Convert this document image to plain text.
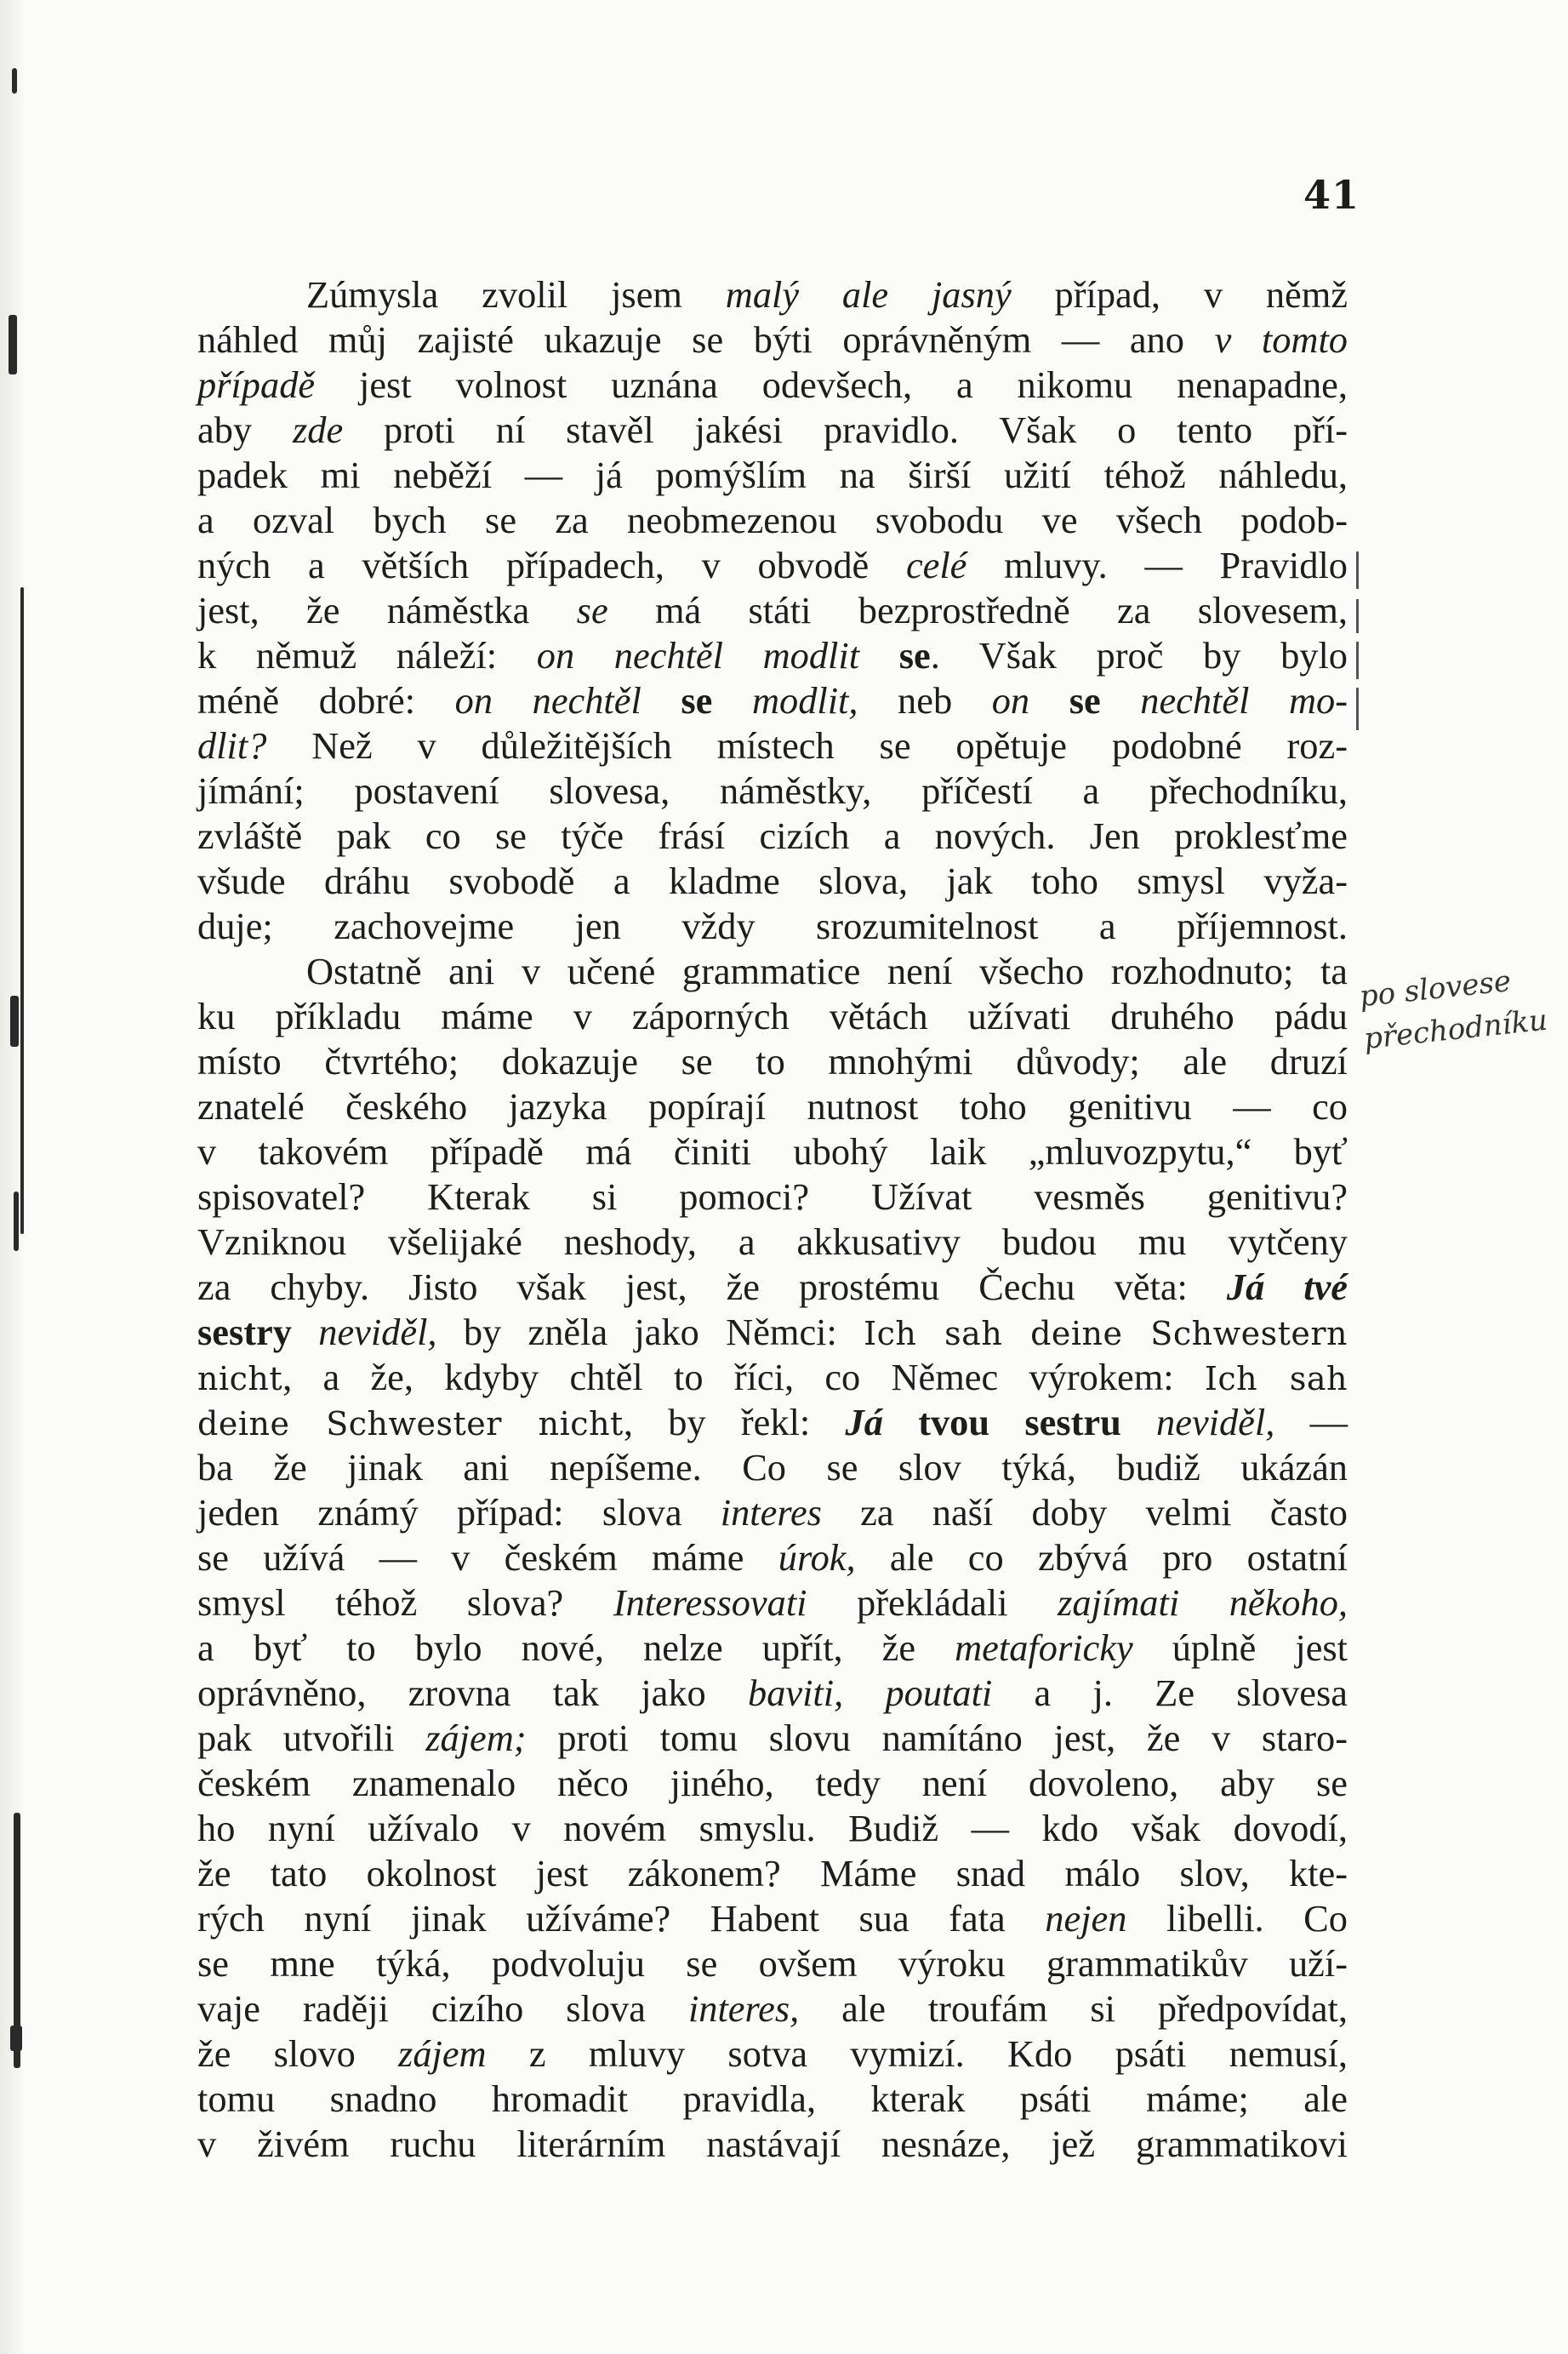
41
Zúmysla zvolil jsem malý ale jasný případ, v němž
náhled můj zajisté ukazuje se býti oprávněným — ano v tomto
případě jest volnost uznána odevšech, a nikomu nenapadne,
aby zde proti ní stavěl jakési pravidlo. Však o tento pří-
padek mi neběží — já pomýšlím na širší užití téhož náhledu,
a ozval bych se za neobmezenou svobodu ve všech podob-
ných a větších případech, v obvodě celé mluvy. — Pravidlo
jest, že náměstka se má státi bezprostředně za slovesem,
k němuž náleží: on nechtěl modlit se. Však proč by bylo
méně dobré: on nechtěl se modlit, neb on se nechtěl mo-
dlit? Než v důležitějších místech se opětuje podobné roz-
jímání; postavení slovesa, náměstky, příčestí a přechodníku,
zvláště pak co se týče frásí cizích a nových. Jen proklesťme
všude dráhu svobodě a kladme slova, jak toho smysl vyža-
duje; zachovejme jen vždy srozumitelnost a příjemnost.
Ostatně ani v učené grammatice není všecho rozhodnuto; ta
ku příkladu máme v záporných větách užívati druhého pádu
místo čtvrtého; dokazuje se to mnohými důvody; ale druzí
znatelé českého jazyka popírají nutnost toho genitivu — co
v takovém případě má činiti ubohý laik „mluvozpytu,“ byť
spisovatel? Kterak si pomoci? Užívat vesměs genitivu?
Vzniknou všelijaké neshody, a akkusativy budou mu vytčeny
za chyby. Jisto však jest, že prostému Čechu věta: Já tvé
sestry neviděl, by zněla jako Němci: Ich sah deine Schwestern
nicht, a že, kdyby chtěl to říci, co Němec výrokem: Ich sah
deine Schwester nicht, by řekl: Já tvou sestru neviděl, —
ba že jinak ani nepíšeme. Co se slov týká, budiž ukázán
jeden známý případ: slova interes za naší doby velmi často
se užívá — v českém máme úrok, ale co zbývá pro ostatní
smysl téhož slova? Interessovati překládali zajímati někoho,
a byť to bylo nové, nelze upřít, že metaforicky úplně jest
oprávněno, zrovna tak jako baviti, poutati a j. Ze slovesa
pak utvořili zájem; proti tomu slovu namítáno jest, že v staro-
českém znamenalo něco jiného, tedy není dovoleno, aby se
ho nyní užívalo v novém smyslu. Budiž — kdo však dovodí,
že tato okolnost jest zákonem? Máme snad málo slov, kte-
rých nyní jinak užíváme? Habent sua fata nejen libelli. Co
se mne týká, podvoluju se ovšem výroku grammatikův uží-
vaje raději cizího slova interes, ale troufám si předpovídat,
že slovo zájem z mluvy sotva vymizí. Kdo psáti nemusí,
tomu snadno hromadit pravidla, kterak psáti máme; ale
v živém ruchu literárním nastávají nesnáze, jež grammatikovi
po slovese
přechodníku
